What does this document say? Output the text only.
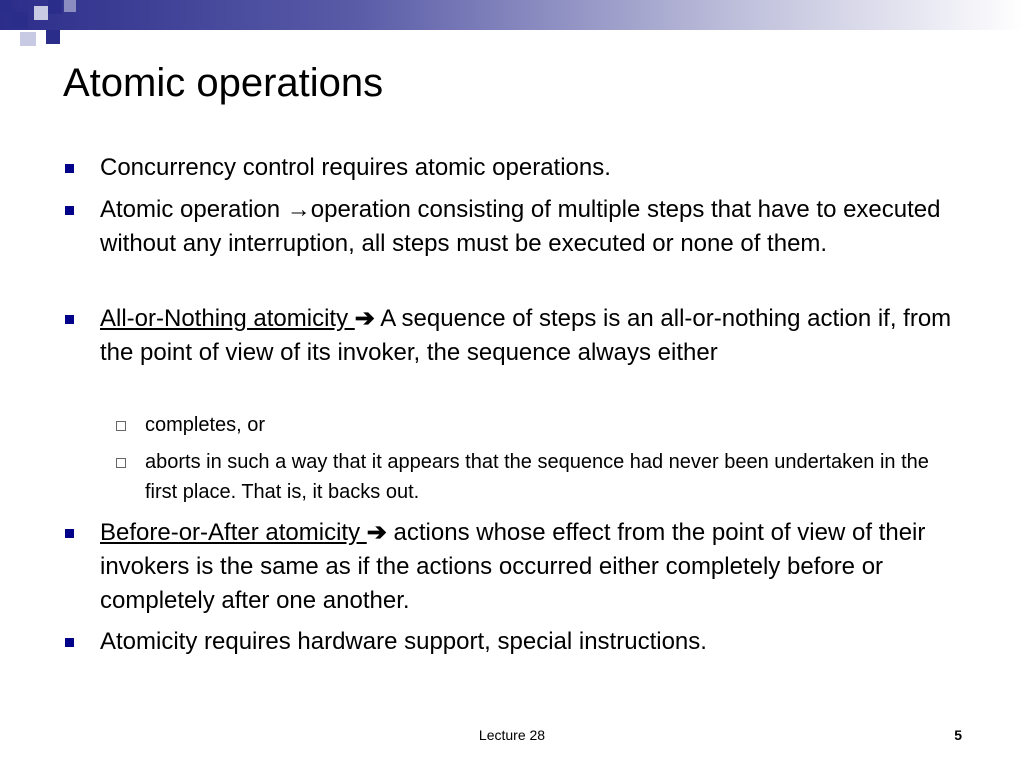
Atomic operations
Concurrency control requires atomic operations.
Atomic operation →operation consisting of multiple steps that have to executed without any interruption, all steps must be executed or none of them.
All-or-Nothing atomicity ➔ A sequence of steps is an all-or-nothing action if, from the point of view of its invoker, the sequence always either
completes, or
aborts in such a way that it appears that the sequence had never been undertaken in the first place. That is, it backs out.
Before-or-After atomicity ➔ actions whose effect from the point of view of their invokers is the same as if the actions occurred either completely before or completely after one another.
Atomicity requires hardware support, special instructions.
Lecture 28	5
